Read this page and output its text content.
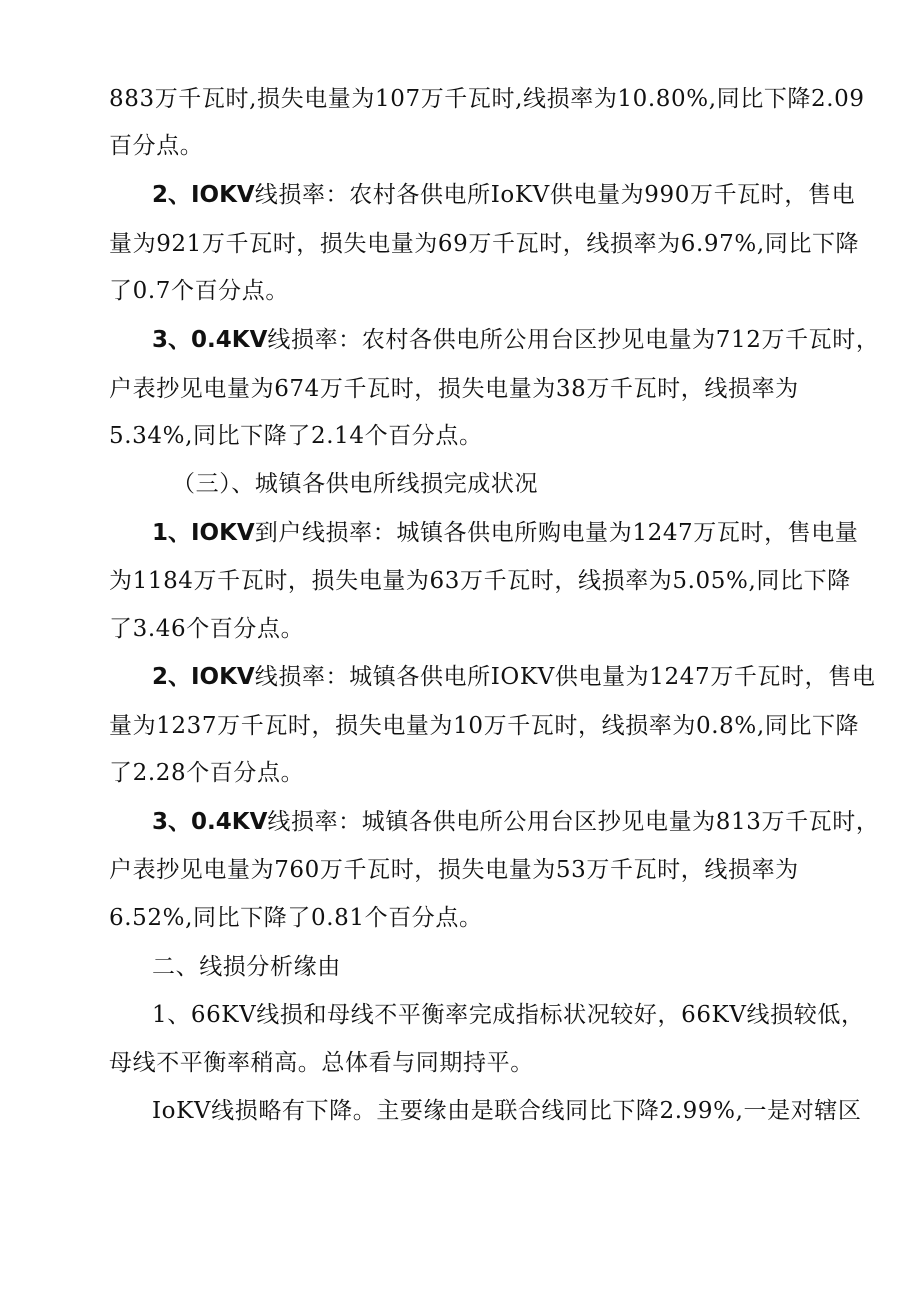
883万千瓦时,损失电量为107万千瓦时,线损率为10.80%,同比下降2.09
百分点。
2、IOKV线损率：农村各供电所IoKV供电量为990万千瓦时，售电
量为921万千瓦时，损失电量为69万千瓦时，线损率为6.97%,同比下降
了0.7个百分点。
3、0.4KV线损率：农村各供电所公用台区抄见电量为712万千瓦时，
户表抄见电量为674万千瓦时，损失电量为38万千瓦时，线损率为
5.34%,同比下降了2.14个百分点。
（三）、城镇各供电所线损完成状况
1、IOKV到户线损率：城镇各供电所购电量为1247万瓦时，售电量
为1184万千瓦时，损失电量为63万千瓦时，线损率为5.05%,同比下降
了3.46个百分点。
2、IOKV线损率：城镇各供电所IOKV供电量为1247万千瓦时，售电
量为1237万千瓦时，损失电量为10万千瓦时，线损率为0.8%,同比下降
了2.28个百分点。
3、0.4KV线损率：城镇各供电所公用台区抄见电量为813万千瓦时，
户表抄见电量为760万千瓦时，损失电量为53万千瓦时，线损率为
6.52%,同比下降了0.81个百分点。
二、线损分析缘由
1、66KV线损和母线不平衡率完成指标状况较好，66KV线损较低，
母线不平衡率稍高。总体看与同期持平。
IoKV线损略有下降。主要缘由是联合线同比下降2.99%,一是对辖区
